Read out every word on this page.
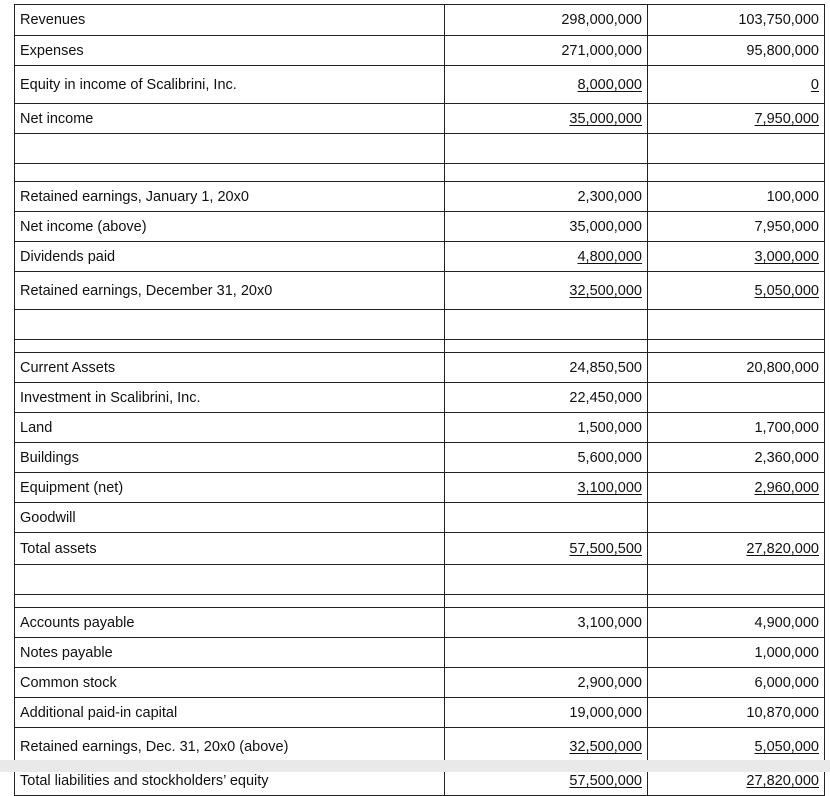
Revenues	298,000,000	103,750,000
Expenses	271,000,000	95,800,000
Equity in income of Scalibrini, Inc.	8,000,000	0
Net income	35,000,000	7,950,000

Retained earnings, January 1, 20x0	2,300,000	100,000
Net income (above)	35,000,000	7,950,000
Dividends paid	4,800,000	3,000,000
Retained earnings, December 31, 20x0	32,500,000	5,050,000

Current Assets	24,850,500	20,800,000
Investment in Scalibrini, Inc.	22,450,000	
Land	1,500,000	1,700,000
Buildings	5,600,000	2,360,000
Equipment (net)	3,100,000	2,960,000
Goodwill		
Total assets	57,500,500	27,820,000

Accounts payable	3,100,000	4,900,000
Notes payable		1,000,000
Common stock	2,900,000	6,000,000
Additional paid-in capital	19,000,000	10,870,000
Retained earnings, Dec. 31, 20x0 (above)	32,500,000	5,050,000
Total liabilities and stockholders’ equity	57,500,000	27,820,000
